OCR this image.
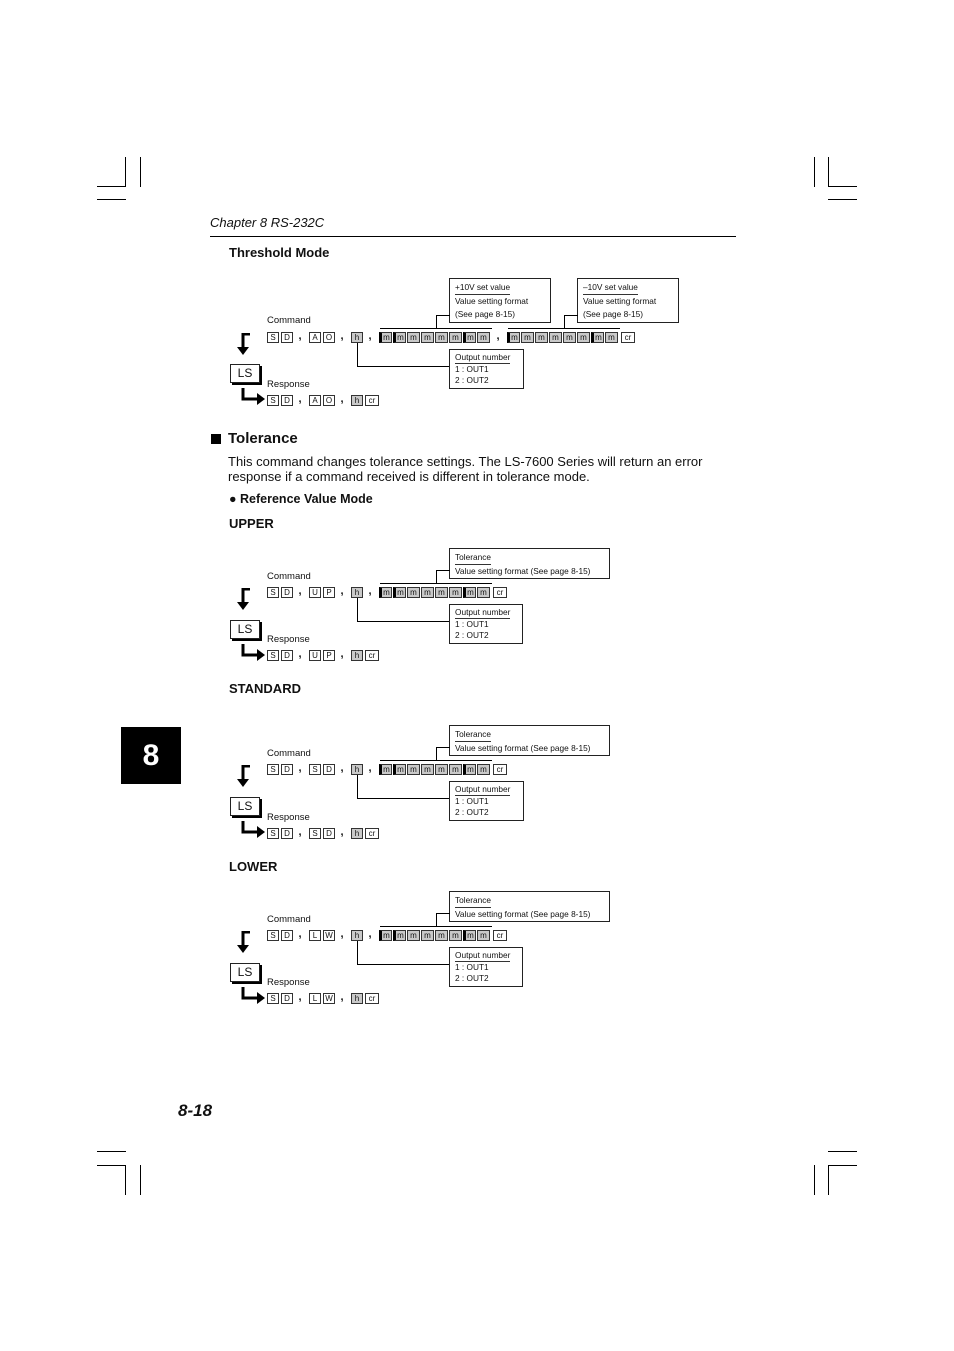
Chapter 8 RS-232C
Threshold Mode
+10V set value
Value setting format
(See page 8-15)
–10V set value
Value setting format
(See page 8-15)
Command
S	D ,	A	O ,	h ,	m m m m m m	m m ,	m m m m m m	m m	cr
Output number
1 : OUT1
2 : OUT2
LS
Response
S	D ,	A	O ,	h	cr
Tolerance
This command changes tolerance settings. The LS-7600 Series will return an error
response if a command received is different in tolerance mode.
● Reference Value Mode
UPPER
Tolerance
Value setting format (See page 8-15)
Command
S	D ,	U	P ,	h ,	m m m m m m	m m	cr
Output number
1 : OUT1
2 : OUT2
LS
Response
S	D ,	U	P ,	h	cr
STANDARD
Tolerance
Value setting format (See page 8-15)
Command
S	D ,	S	D ,	h ,	m m m m m m	m m	cr
Output number
1 : OUT1
2 : OUT2
LS
Response
S	D ,	S	D ,	h	cr
LOWER
Tolerance
Value setting format (See page 8-15)
Command
S	D ,	L	W ,	h ,	m m m m m m	m m	cr
Output number
1 : OUT1
2 : OUT2
LS
Response
S	D ,	L	W ,	h	cr
8
8-18
